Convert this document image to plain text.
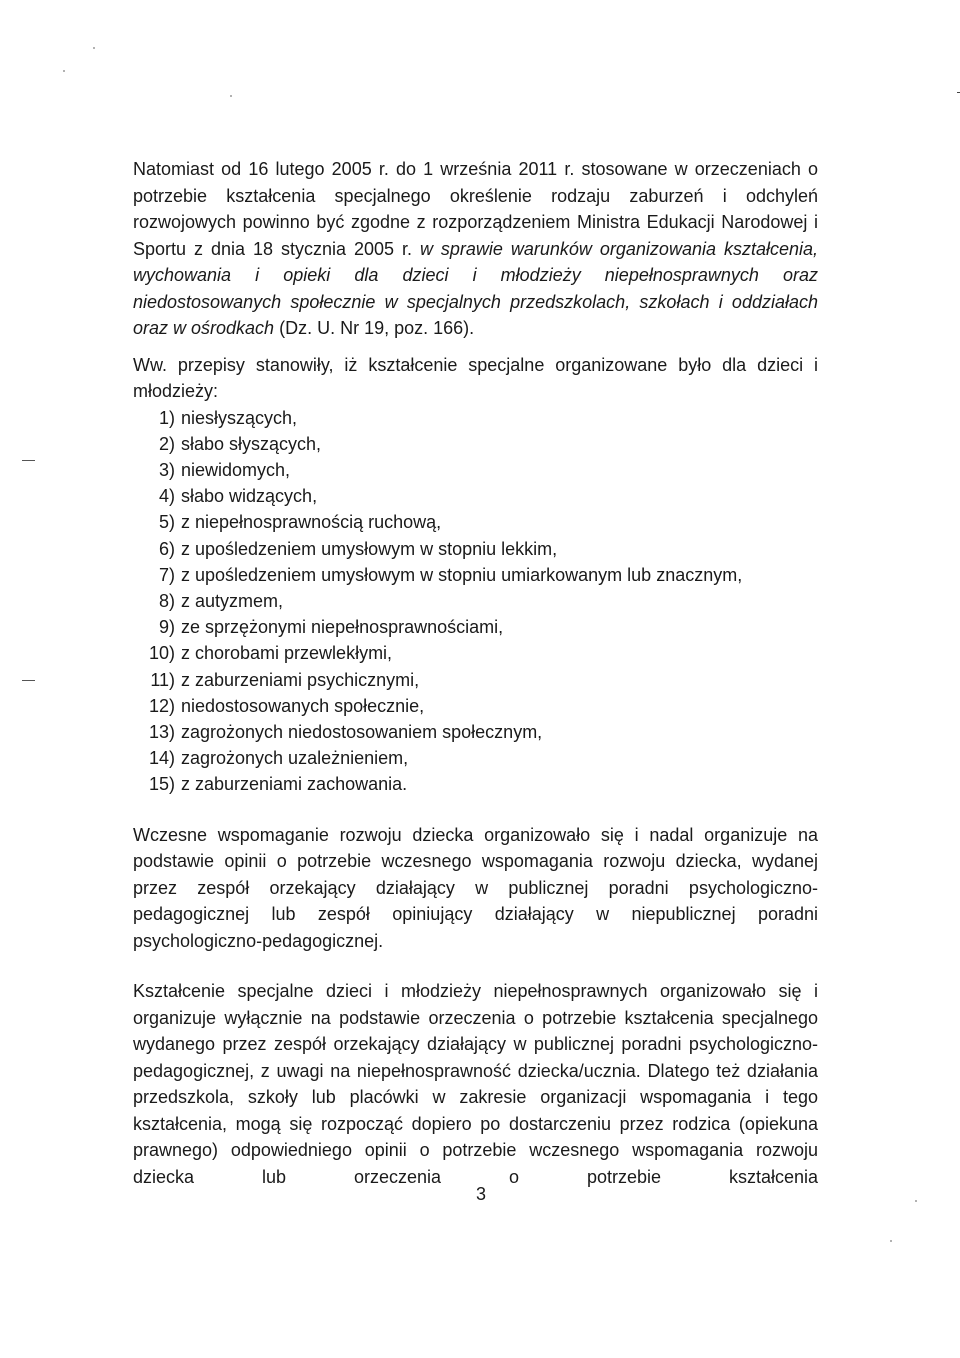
Natomiast od 16 lutego 2005 r. do 1 września 2011 r. stosowane w orzeczeniach o potrzebie kształcenia specjalnego określenie rodzaju zaburzeń i odchyleń rozwojowych powinno być zgodne z rozporządzeniem Ministra Edukacji Narodowej i Sportu z dnia 18 stycznia 2005 r. w sprawie warunków organizowania kształcenia, wychowania i opieki dla dzieci i młodzieży niepełnosprawnych oraz niedostosowanych społecznie w specjalnych przedszkolach, szkołach i oddziałach oraz w ośrodkach (Dz. U. Nr 19, poz. 166).

Ww. przepisy stanowiły, iż kształcenie specjalne organizowane było dla dzieci i młodzieży:

1) niesłyszących,
2) słabo słyszących,
3) niewidomych,
4) słabo widzących,
5) z niepełnosprawnością ruchową,
6) z upośledzeniem umysłowym w stopniu lekkim,
7) z upośledzeniem umysłowym w stopniu umiarkowanym lub znacznym,
8) z autyzmem,
9) ze sprzężonymi niepełnosprawnościami,
10) z chorobami przewlekłymi,
11) z zaburzeniami psychicznymi,
12) niedostosowanych społecznie,
13) zagrożonych niedostosowaniem społecznym,
14) zagrożonych uzależnieniem,
15) z zaburzeniami zachowania.

Wczesne wspomaganie rozwoju dziecka organizowało się i nadal organizuje na podstawie opinii o potrzebie wczesnego wspomagania rozwoju dziecka, wydanej przez zespół orzekający działający w publicznej poradni psychologiczno-pedagogicznej lub zespół opiniujący działający w niepublicznej poradni psychologiczno-pedagogicznej.

Kształcenie specjalne dzieci i młodzieży niepełnosprawnych organizowało się i organizuje wyłącznie na podstawie orzeczenia o potrzebie kształcenia specjalnego wydanego przez zespół orzekający działający w publicznej poradni psychologiczno-pedagogicznej, z uwagi na niepełnosprawność dziecka/ucznia. Dlatego też działania przedszkola, szkoły lub placówki w zakresie organizacji wspomagania i tego kształcenia, mogą się rozpocząć dopiero po dostarczeniu przez rodzica (opiekuna prawnego) odpowiedniego opinii o potrzebie wczesnego wspomagania rozwoju dziecka lub orzeczenia o potrzebie kształcenia

3
